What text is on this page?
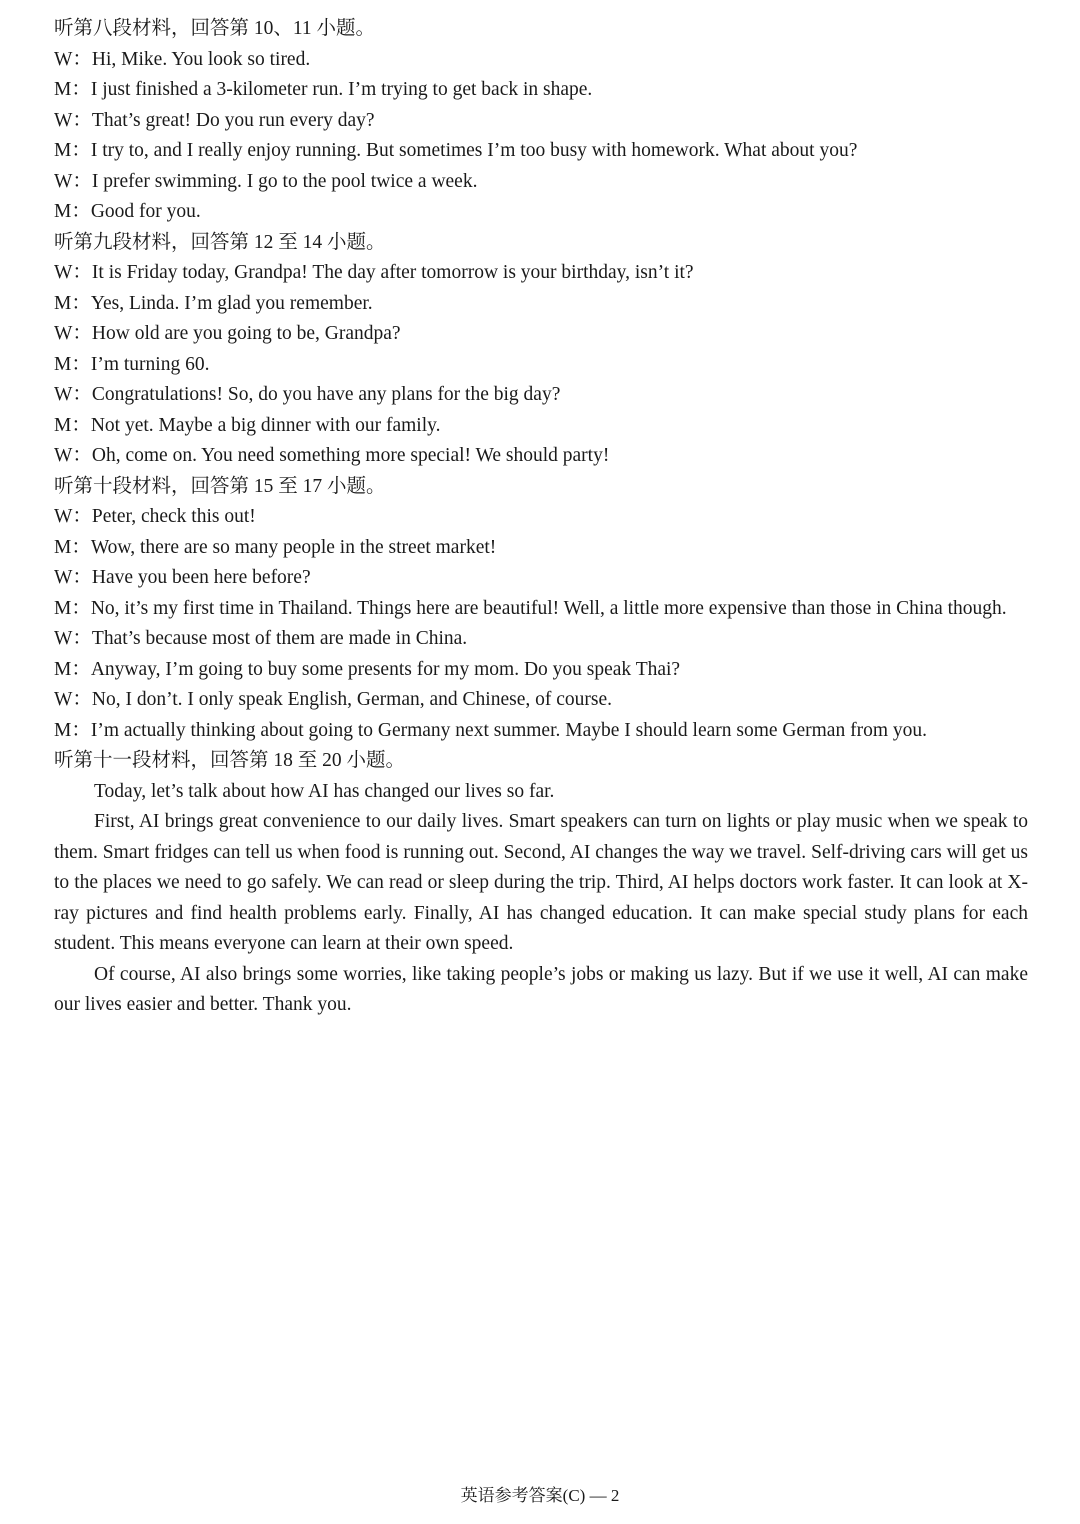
听第八段材料，回答第 10、11 小题。
W： Hi, Mike. You look so tired.
M： I just finished a 3-kilometer run. I’m trying to get back in shape.
W： That’s great! Do you run every day?
M： I try to, and I really enjoy running. But sometimes I’m too busy with homework. What about you?
W： I prefer swimming. I go to the pool twice a week.
M： Good for you.
听第九段材料，回答第 12 至 14 小题。
W： It is Friday today, Grandpa! The day after tomorrow is your birthday, isn’t it?
M： Yes, Linda. I’m glad you remember.
W： How old are you going to be, Grandpa?
M： I’m turning 60.
W： Congratulations! So, do you have any plans for the big day?
M： Not yet. Maybe a big dinner with our family.
W： Oh, come on. You need something more special! We should party!
听第十段材料，回答第 15 至 17 小题。
W： Peter, check this out!
M： Wow, there are so many people in the street market!
W： Have you been here before?
M： No, it’s my first time in Thailand. Things here are beautiful! Well, a little more expensive than those in China though.
W： That’s because most of them are made in China.
M： Anyway, I’m going to buy some presents for my mom. Do you speak Thai?
W： No, I don’t. I only speak English, German, and Chinese, of course.
M： I’m actually thinking about going to Germany next summer. Maybe I should learn some German from you.
听第十一段材料，回答第 18 至 20 小题。
Today, let’s talk about how AI has changed our lives so far.
First, AI brings great convenience to our daily lives. Smart speakers can turn on lights or play music when we speak to them. Smart fridges can tell us when food is running out. Second, AI changes the way we travel. Self-driving cars will get us to the places we need to go safely. We can read or sleep during the trip. Third, AI helps doctors work faster. It can look at X-ray pictures and find health problems early. Finally, AI has changed education. It can make special study plans for each student. This means everyone can learn at their own speed.
Of course, AI also brings some worries, like taking people’s jobs or making us lazy. But if we use it well, AI can make our lives easier and better. Thank you.
英语参考答案(C) — 2
